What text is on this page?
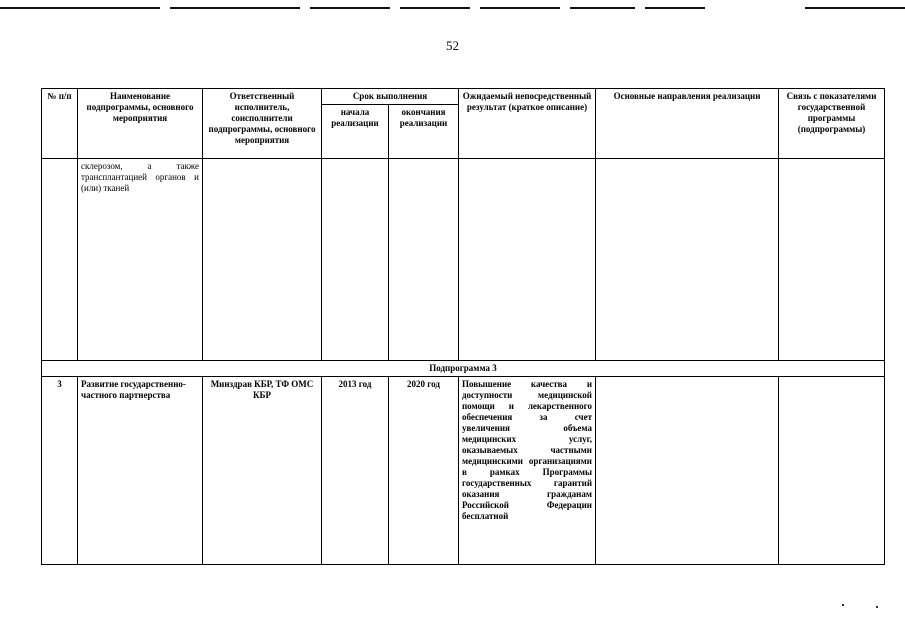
52
№ п/п	Наименование подпрограммы, основного мероприятия	Ответственный исполнитель, соисполнители подпрограммы, основного мероприятия	Срок выполнения		Ожидаемый непосредственный результат (краткое описание)	Основные направления реализации	Связь с показателями государственной программы (подпрограммы)
			начала реализации	окончания реализации			
	склерозом, а также трансплантацией органов и (или) тканей						
Подпрограмма 3							
3	Развитие государственно-частного партнерства	Минздрав КБР, ТФ ОМС КБР	2013 год	2020 год	Повышение качества и доступности медицинской помощи и лекарственного обеспечения за счет увеличения объема медицинских услуг, оказываемых частными медицинскими организациями в рамках Программы государственных гарантий оказания гражданам Российской Федерации бесплатной		
